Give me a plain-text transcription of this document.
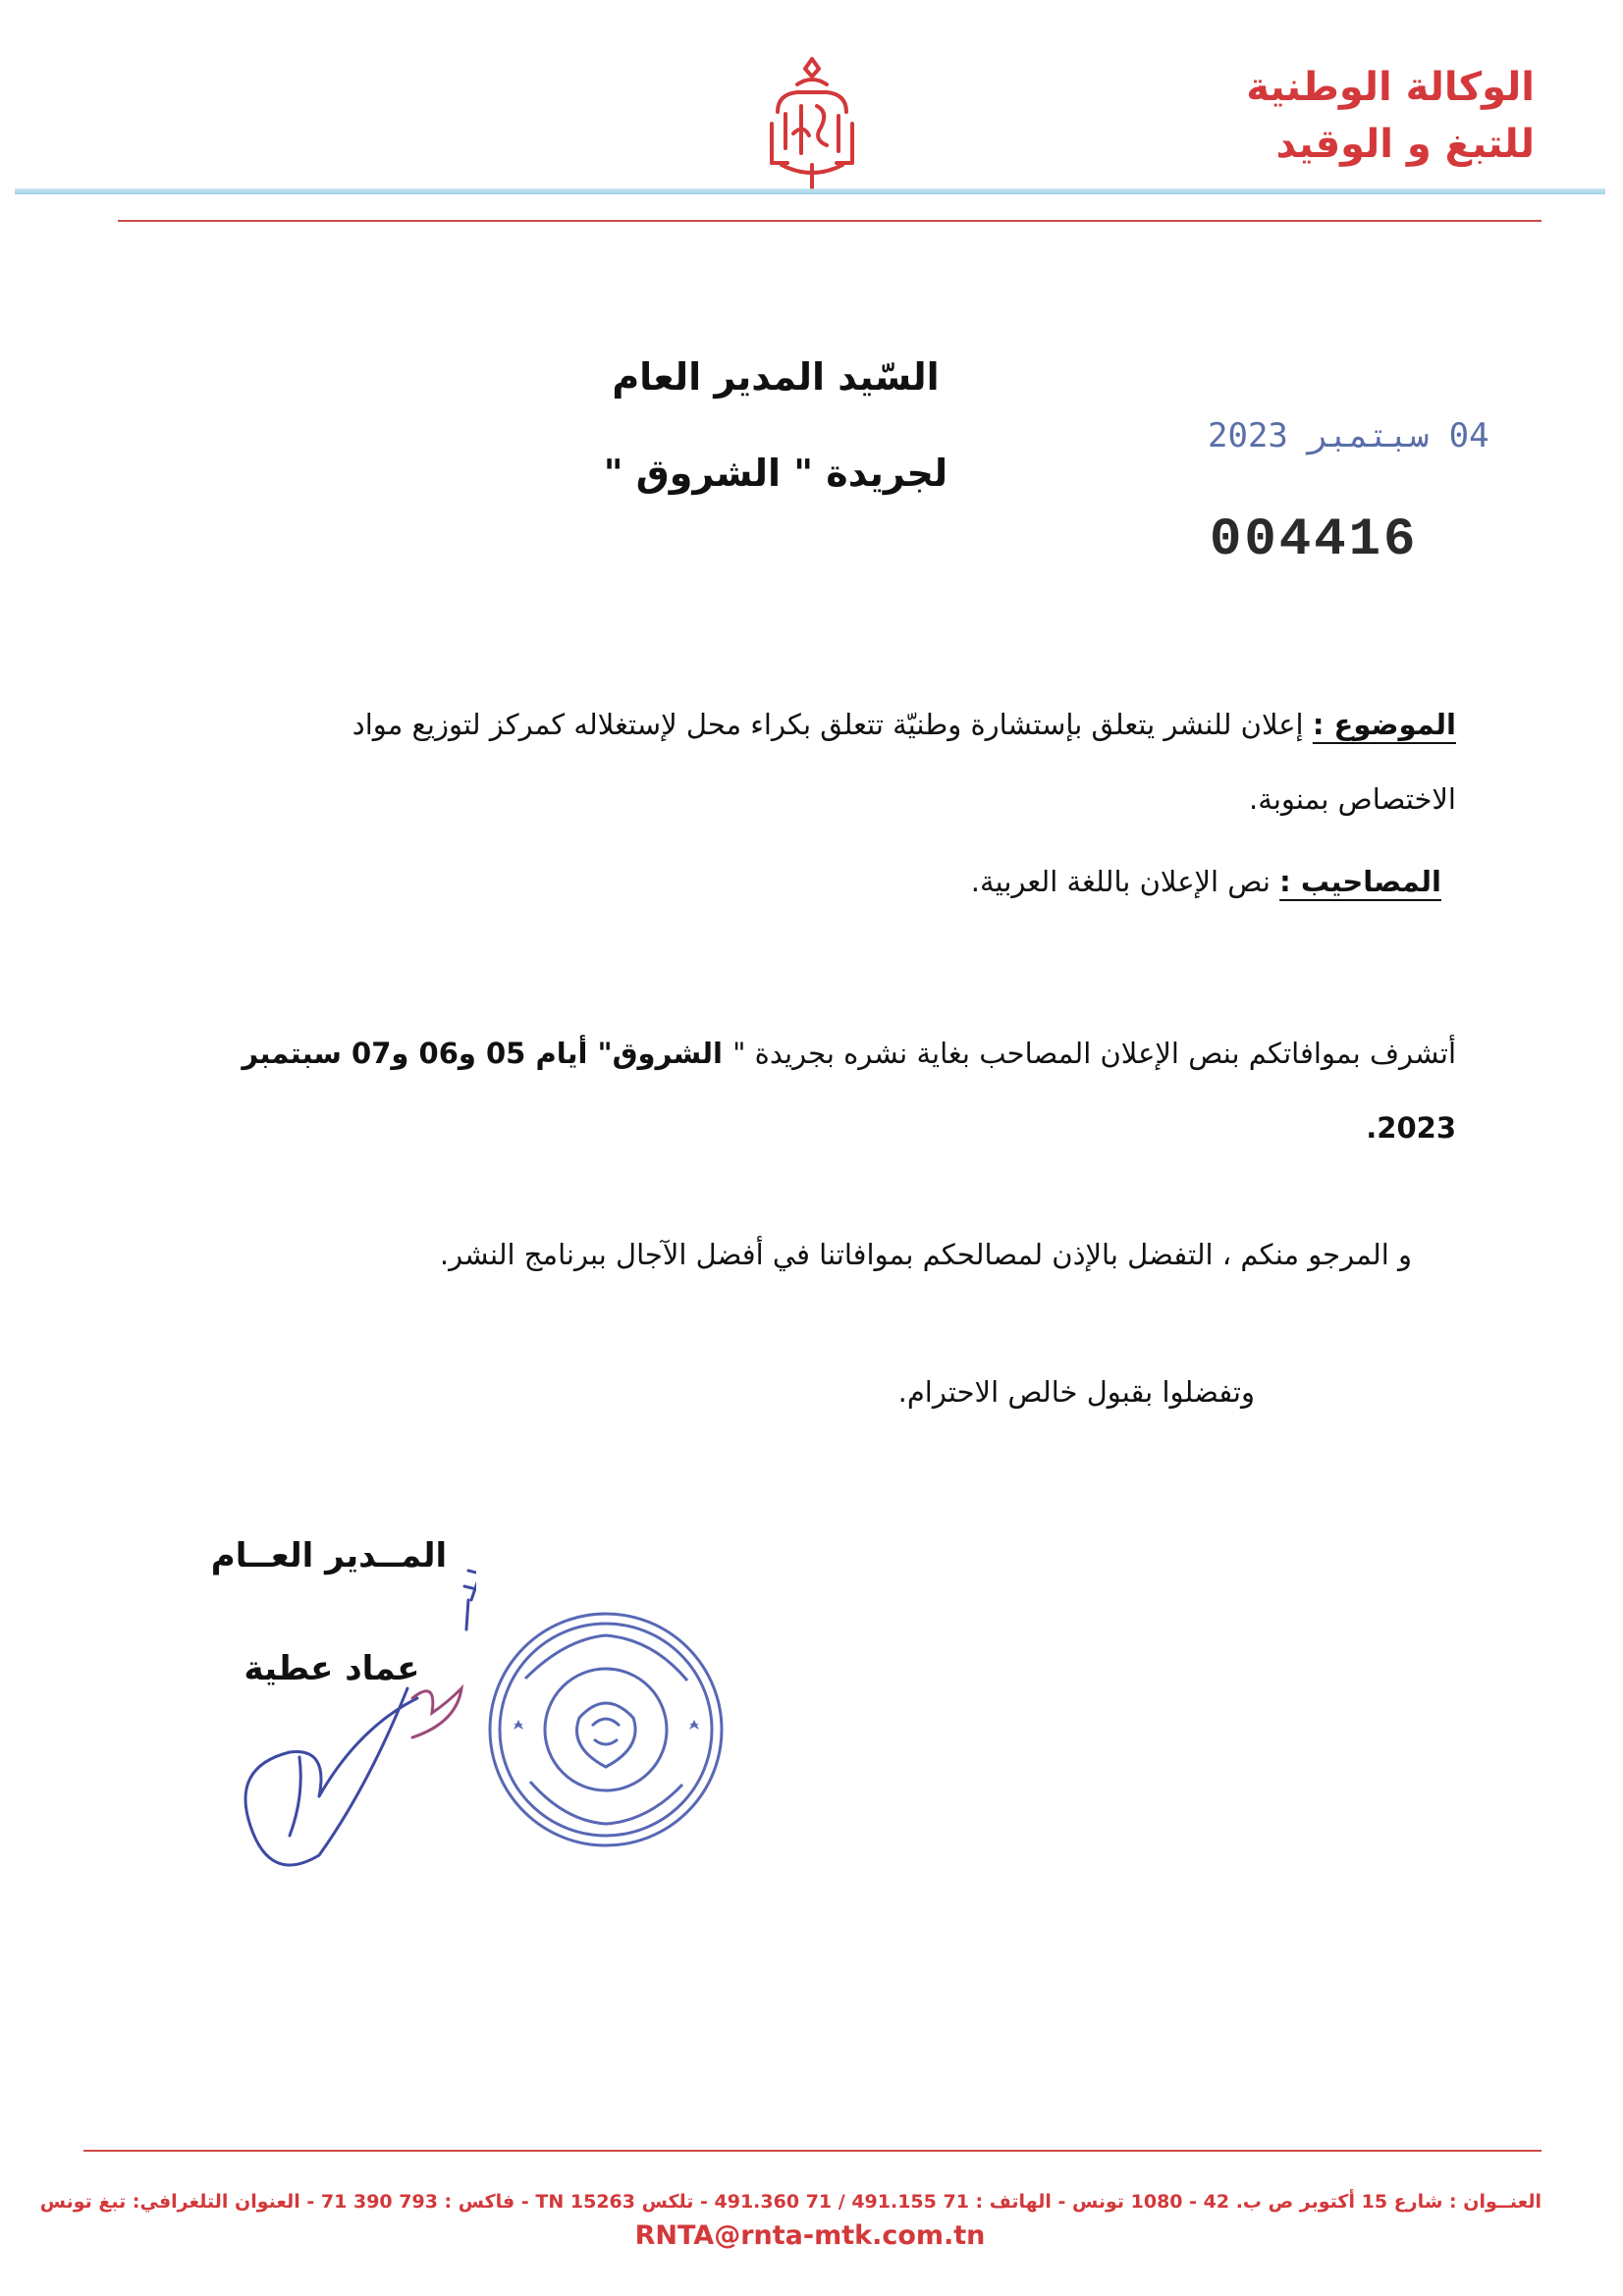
الوكالة الوطنية
للتبغ و الوقيد
السّيد المدير العام
لجريدة " الشروق "
04 سبتمبر 2023
004416
الموضوع : إعلان للنشر يتعلق بإستشارة وطنيّة تتعلق بكراء محل لإستغلاله كمركز لتوزيع مواد الاختصاص بمنوبة.
المصاحيب : نص الإعلان باللغة العربية.
أتشرف بموافاتكم بنص الإعلان المصاحب بغاية نشره بجريدة " الشروق" أيام 05 و06 و07 سبتمبر 2023.
و المرجو منكم ، التفضل بالإذن لمصالحكم بموافاتنا في أفضل الآجال ببرنامج النشر.
وتفضلوا بقبول خالص الاحترام.
المــدير العــام
عماد عطية
العنــوان : شارع 15 أكتوبر ص ب. 42 - 1080 تونس - الهاتف : 71 491.155 / 71 491.360 - تلكس 15263 TN - فاكس : 793 390 71 - العنوان التلغرافي: تبغ تونس
RNTA@rnta-mtk.com.tn
